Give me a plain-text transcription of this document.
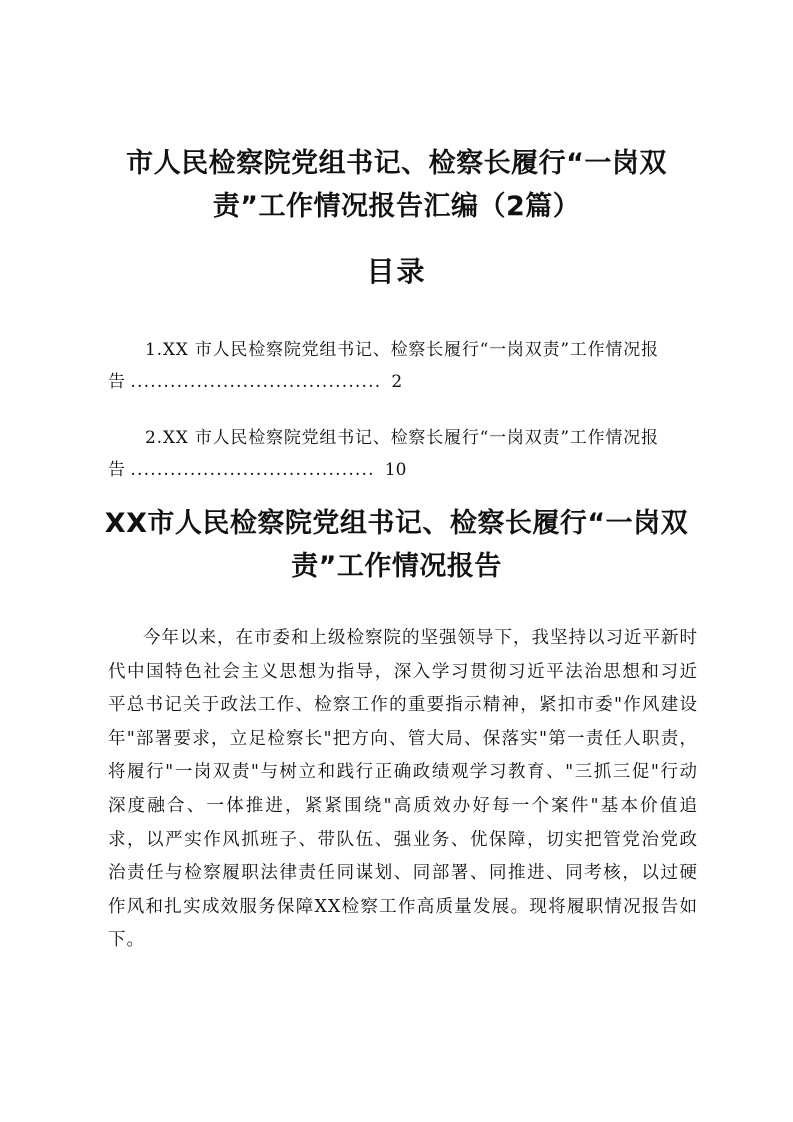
市人民检察院党组书记、检察长履行“一岗双责”工作情况报告汇编（2篇）
目录
1.XX 市人民检察院党组书记、检察长履行“一岗双责”工作情况报
告 ...................................... 2
2.XX 市人民检察院党组书记、检察长履行“一岗双责”工作情况报
告 ..................................... 10
XX市人民检察院党组书记、检察长履行“一岗双责”工作情况报告

今年以来，在市委和上级检察院的坚强领导下，我坚持以习近平新时代中国特色社会主义思想为指导，深入学习贯彻习近平法治思想和习近平总书记关于政法工作、检察工作的重要指示精神，紧扣市委"作风建设年"部署要求，立足检察长"把方向、管大局、保落实"第一责任人职责，将履行"一岗双责"与树立和践行正确政绩观学习教育、"三抓三促"行动深度融合、一体推进，紧紧围绕"高质效办好每一个案件"基本价值追求，以严实作风抓班子、带队伍、强业务、优保障，切实把管党治党政治责任与检察履职法律责任同谋划、同部署、同推进、同考核，以过硬作风和扎实成效服务保障XX检察工作高质量发展。现将履职情况报告如下。
